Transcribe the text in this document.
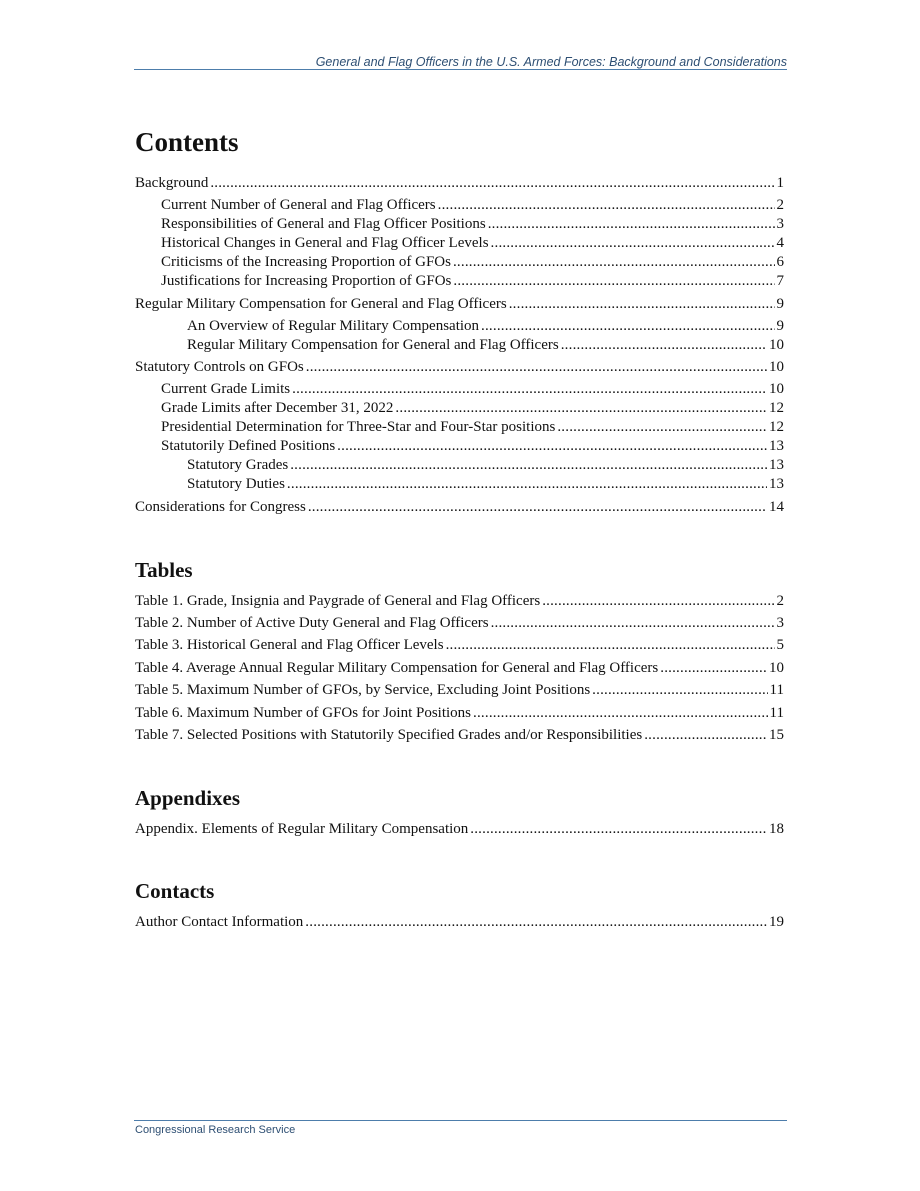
General and Flag Officers in the U.S. Armed Forces: Background and Considerations
Contents
Background .....	1
Current Number of General and Flag Officers .....	2
Responsibilities of General and Flag Officer Positions .....	3
Historical Changes in General and Flag Officer Levels .....	4
Criticisms of the Increasing Proportion of GFOs .....	6
Justifications for Increasing Proportion of GFOs .....	7
Regular Military Compensation for General and Flag Officers .....	9
An Overview of Regular Military Compensation .....	9
Regular Military Compensation for General and Flag Officers .....	10
Statutory Controls on GFOs .....	10
Current Grade Limits .....	10
Grade Limits after December 31, 2022 .....	12
Presidential Determination for Three-Star and Four-Star positions .....	12
Statutorily Defined Positions .....	13
Statutory Grades .....	13
Statutory Duties .....	13
Considerations for Congress .....	14
Tables
Table 1. Grade, Insignia and Paygrade of General and Flag Officers .....	2
Table 2. Number of Active Duty General and Flag Officers .....	3
Table 3. Historical General and Flag Officer Levels .....	5
Table 4. Average Annual Regular Military Compensation for General and Flag Officers .....	10
Table 5. Maximum Number of GFOs, by Service, Excluding Joint Positions .....	11
Table 6. Maximum Number of GFOs for Joint Positions .....	11
Table 7. Selected Positions with Statutorily Specified Grades and/or Responsibilities .....	15
Appendixes
Appendix. Elements of Regular Military Compensation .....	18
Contacts
Author Contact Information .....	19
Congressional Research Service
